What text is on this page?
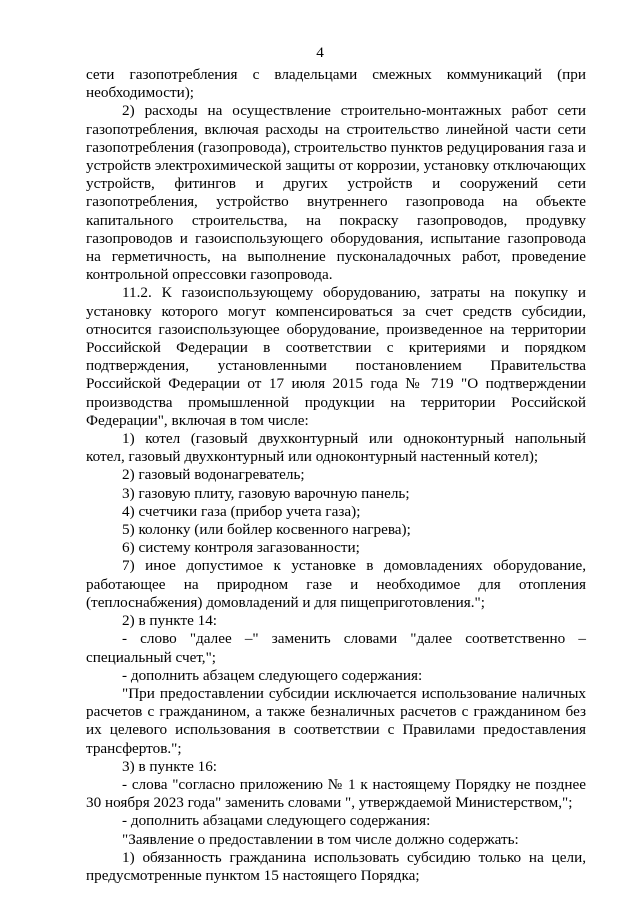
4

сети газопотребления с владельцами смежных коммуникаций (при необходимости);

2) расходы на осуществление строительно-монтажных работ сети газопотребления, включая расходы на строительство линейной части сети газопотребления (газопровода), строительство пунктов редуцирования газа и устройств электрохимической защиты от коррозии, установку отключающих устройств, фитингов и других устройств и сооружений сети газопотребления, устройство внутреннего газопровода на объекте капитального строительства, на покраску газопроводов, продувку газопроводов и газоиспользующего оборудования, испытание газопровода на герметичность, на выполнение пусконаладочных работ, проведение контрольной опрессовки газопровода.

11.2. К газоиспользующему оборудованию, затраты на покупку и установку которого могут компенсироваться за счет средств субсидии, относится газоиспользующее оборудование, произведенное на территории Российской Федерации в соответствии с критериями и порядком подтверждения, установленными постановлением Правительства Российской Федерации от 17 июля 2015 года № 719 "О подтверждении производства промышленной продукции на территории Российской Федерации", включая в том числе:

1) котел (газовый двухконтурный или одноконтурный напольный котел, газовый двухконтурный или одноконтурный настенный котел);

2) газовый водонагреватель;

3) газовую плиту, газовую варочную панель;

4) счетчики газа (прибор учета газа);

5) колонку (или бойлер косвенного нагрева);

6) систему контроля загазованности;

7) иное допустимое к установке в домовладениях оборудование, работающее на природном газе и необходимое для отопления (теплоснабжения) домовладений и для пищеприготовления.";

2) в пункте 14:

- слово "далее –" заменить словами "далее соответственно – специальный счет,";

- дополнить абзацем следующего содержания:

"При предоставлении субсидии исключается использование наличных расчетов с гражданином, а также безналичных расчетов с гражданином без их целевого использования в соответствии с Правилами предоставления трансфертов.";

3) в пункте 16:

- слова "согласно приложению № 1 к настоящему Порядку не позднее 30 ноября 2023 года" заменить словами ", утверждаемой Министерством,";

- дополнить абзацами следующего содержания:

"Заявление о предоставлении в том числе должно содержать:

1) обязанность гражданина использовать субсидию только на цели, предусмотренные пунктом 15 настоящего Порядка;
